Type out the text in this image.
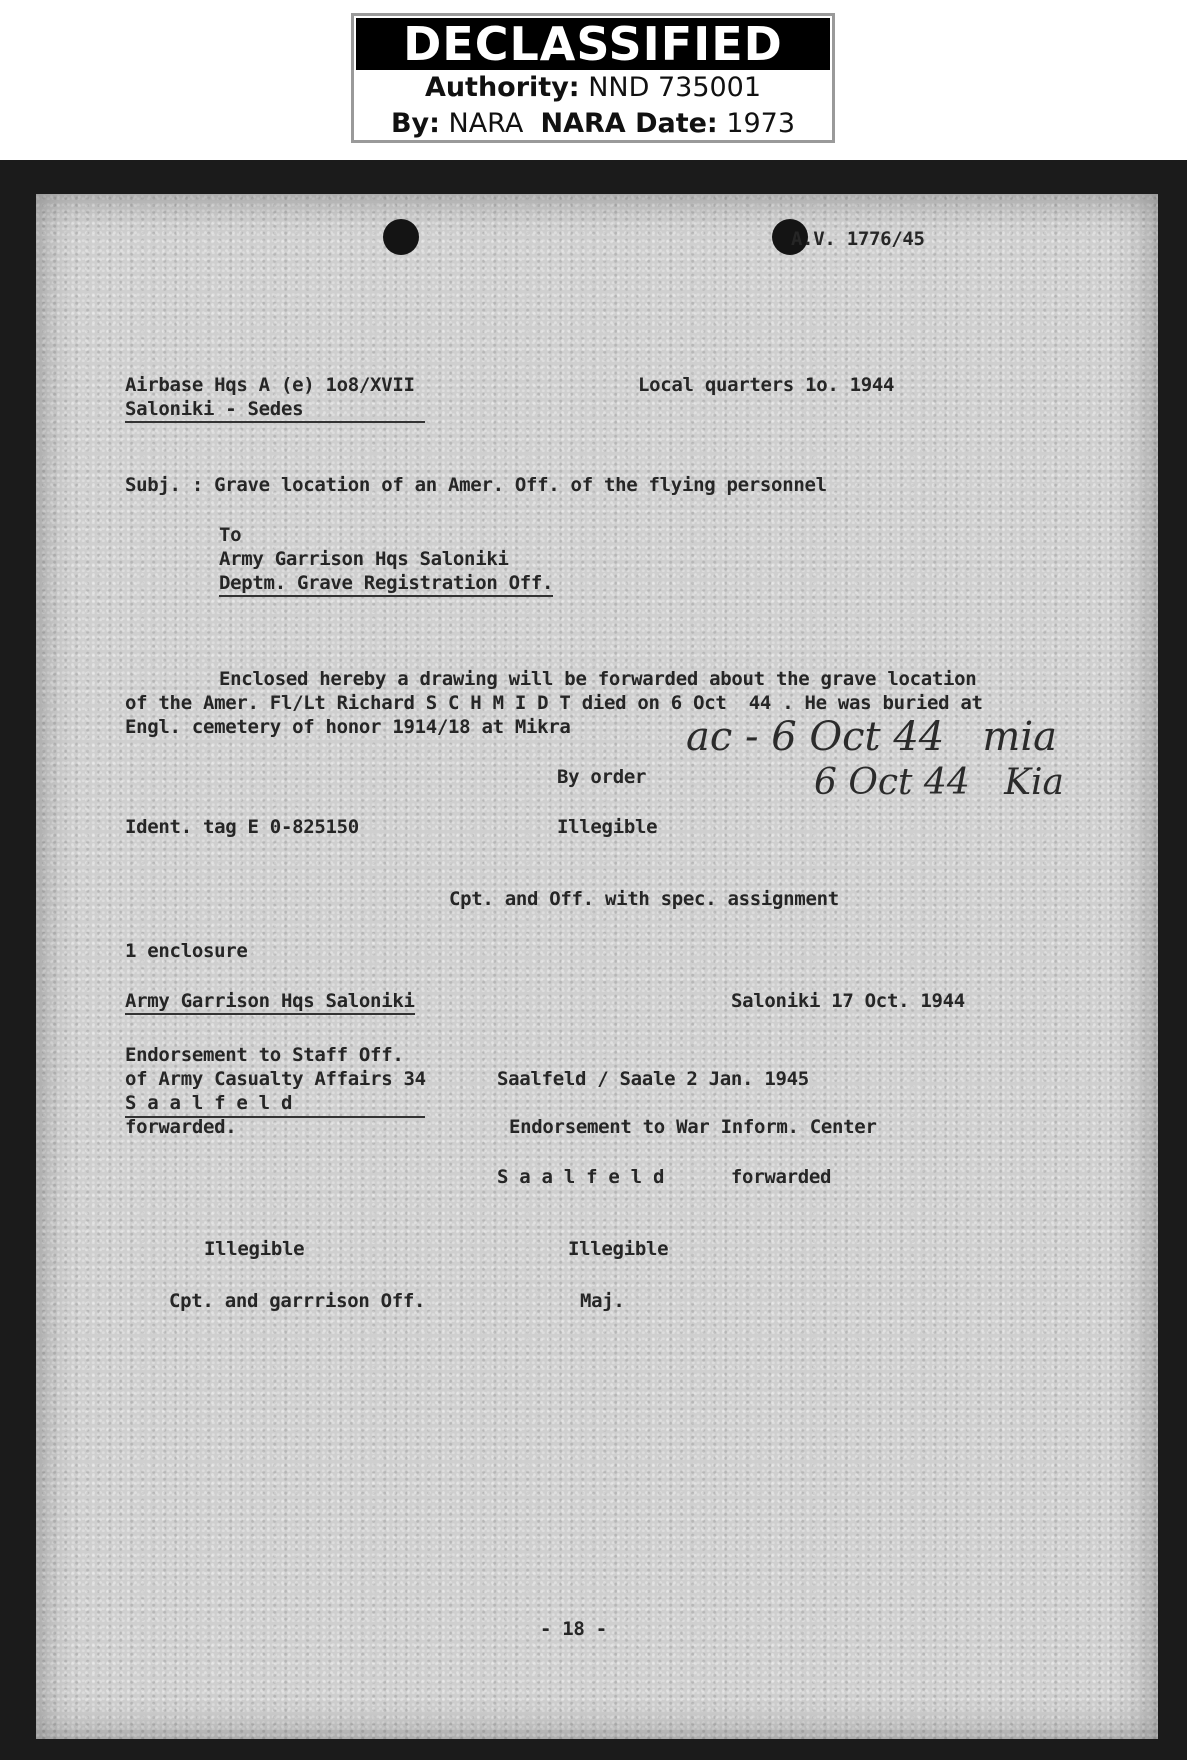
DECLASSIFIED
Authority: NND 735001
By: NARA NARA Date: 1973
A.V. 1776/45
Airbase Hqs A (e) 1o8/XVII
Saloniki - Sedes
Local quarters 1o. 1944
Subj. : Grave location of an Amer. Off. of the flying personnel
To
Army Garrison Hqs Saloniki
Deptm. Grave Registration Off.
Enclosed hereby a drawing will be forwarded about the grave location
of the Amer. Fl/Lt Richard S C H M I D T died on 6 Oct  44 . He was buried at
Engl. cemetery of honor 1914/18 at Mikra	ac - 6 Oct 44   mia
6 Oct 44   Kia
By order
Ident. tag E 0-825150	Illegible
Cpt. and Off. with spec. assignment
1 enclosure
Army Garrison Hqs Saloniki	Saloniki 17 Oct. 1944
Endorsement to Staff Off.
of Army Casualty Affairs 34
S a a l f e l d
forwarded.
Saalfeld / Saale 2 Jan. 1945
Endorsement to War Inform. Center
S a a l f e l d      forwarded
Illegible	Illegible
Cpt. and garrrison Off.	Maj.
- 18 -
